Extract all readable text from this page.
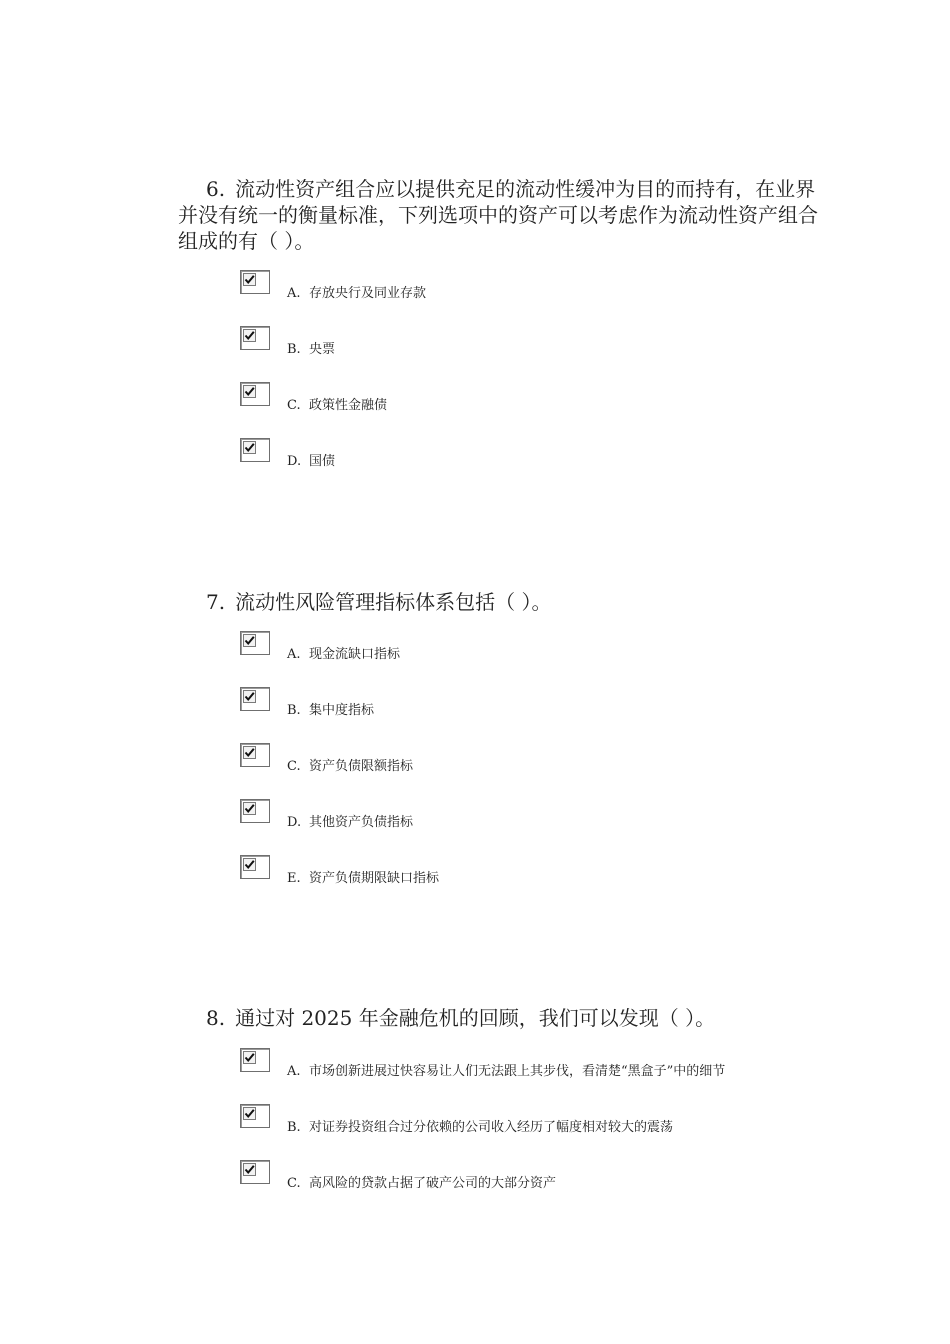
6. 流动性资产组合应以提供充足的流动性缓冲为目的而持有，在业界并没有统一的衡量标准，下列选项中的资产可以考虑作为流动性资产组合组成的有（ ）。

A. 存放央行及同业存款
B. 央票
C. 政策性金融债
D. 国债

7. 流动性风险管理指标体系包括（ ）。

A. 现金流缺口指标
B. 集中度指标
C. 资产负债限额指标
D. 其他资产负债指标
E. 资产负债期限缺口指标

8. 通过对 2025 年金融危机的回顾，我们可以发现（ ）。

A. 市场创新进展过快容易让人们无法跟上其步伐，看清楚“黑盒子”中的细节
B. 对证券投资组合过分依赖的公司收入经历了幅度相对较大的震荡
C. 高风险的贷款占据了破产公司的大部分资产
